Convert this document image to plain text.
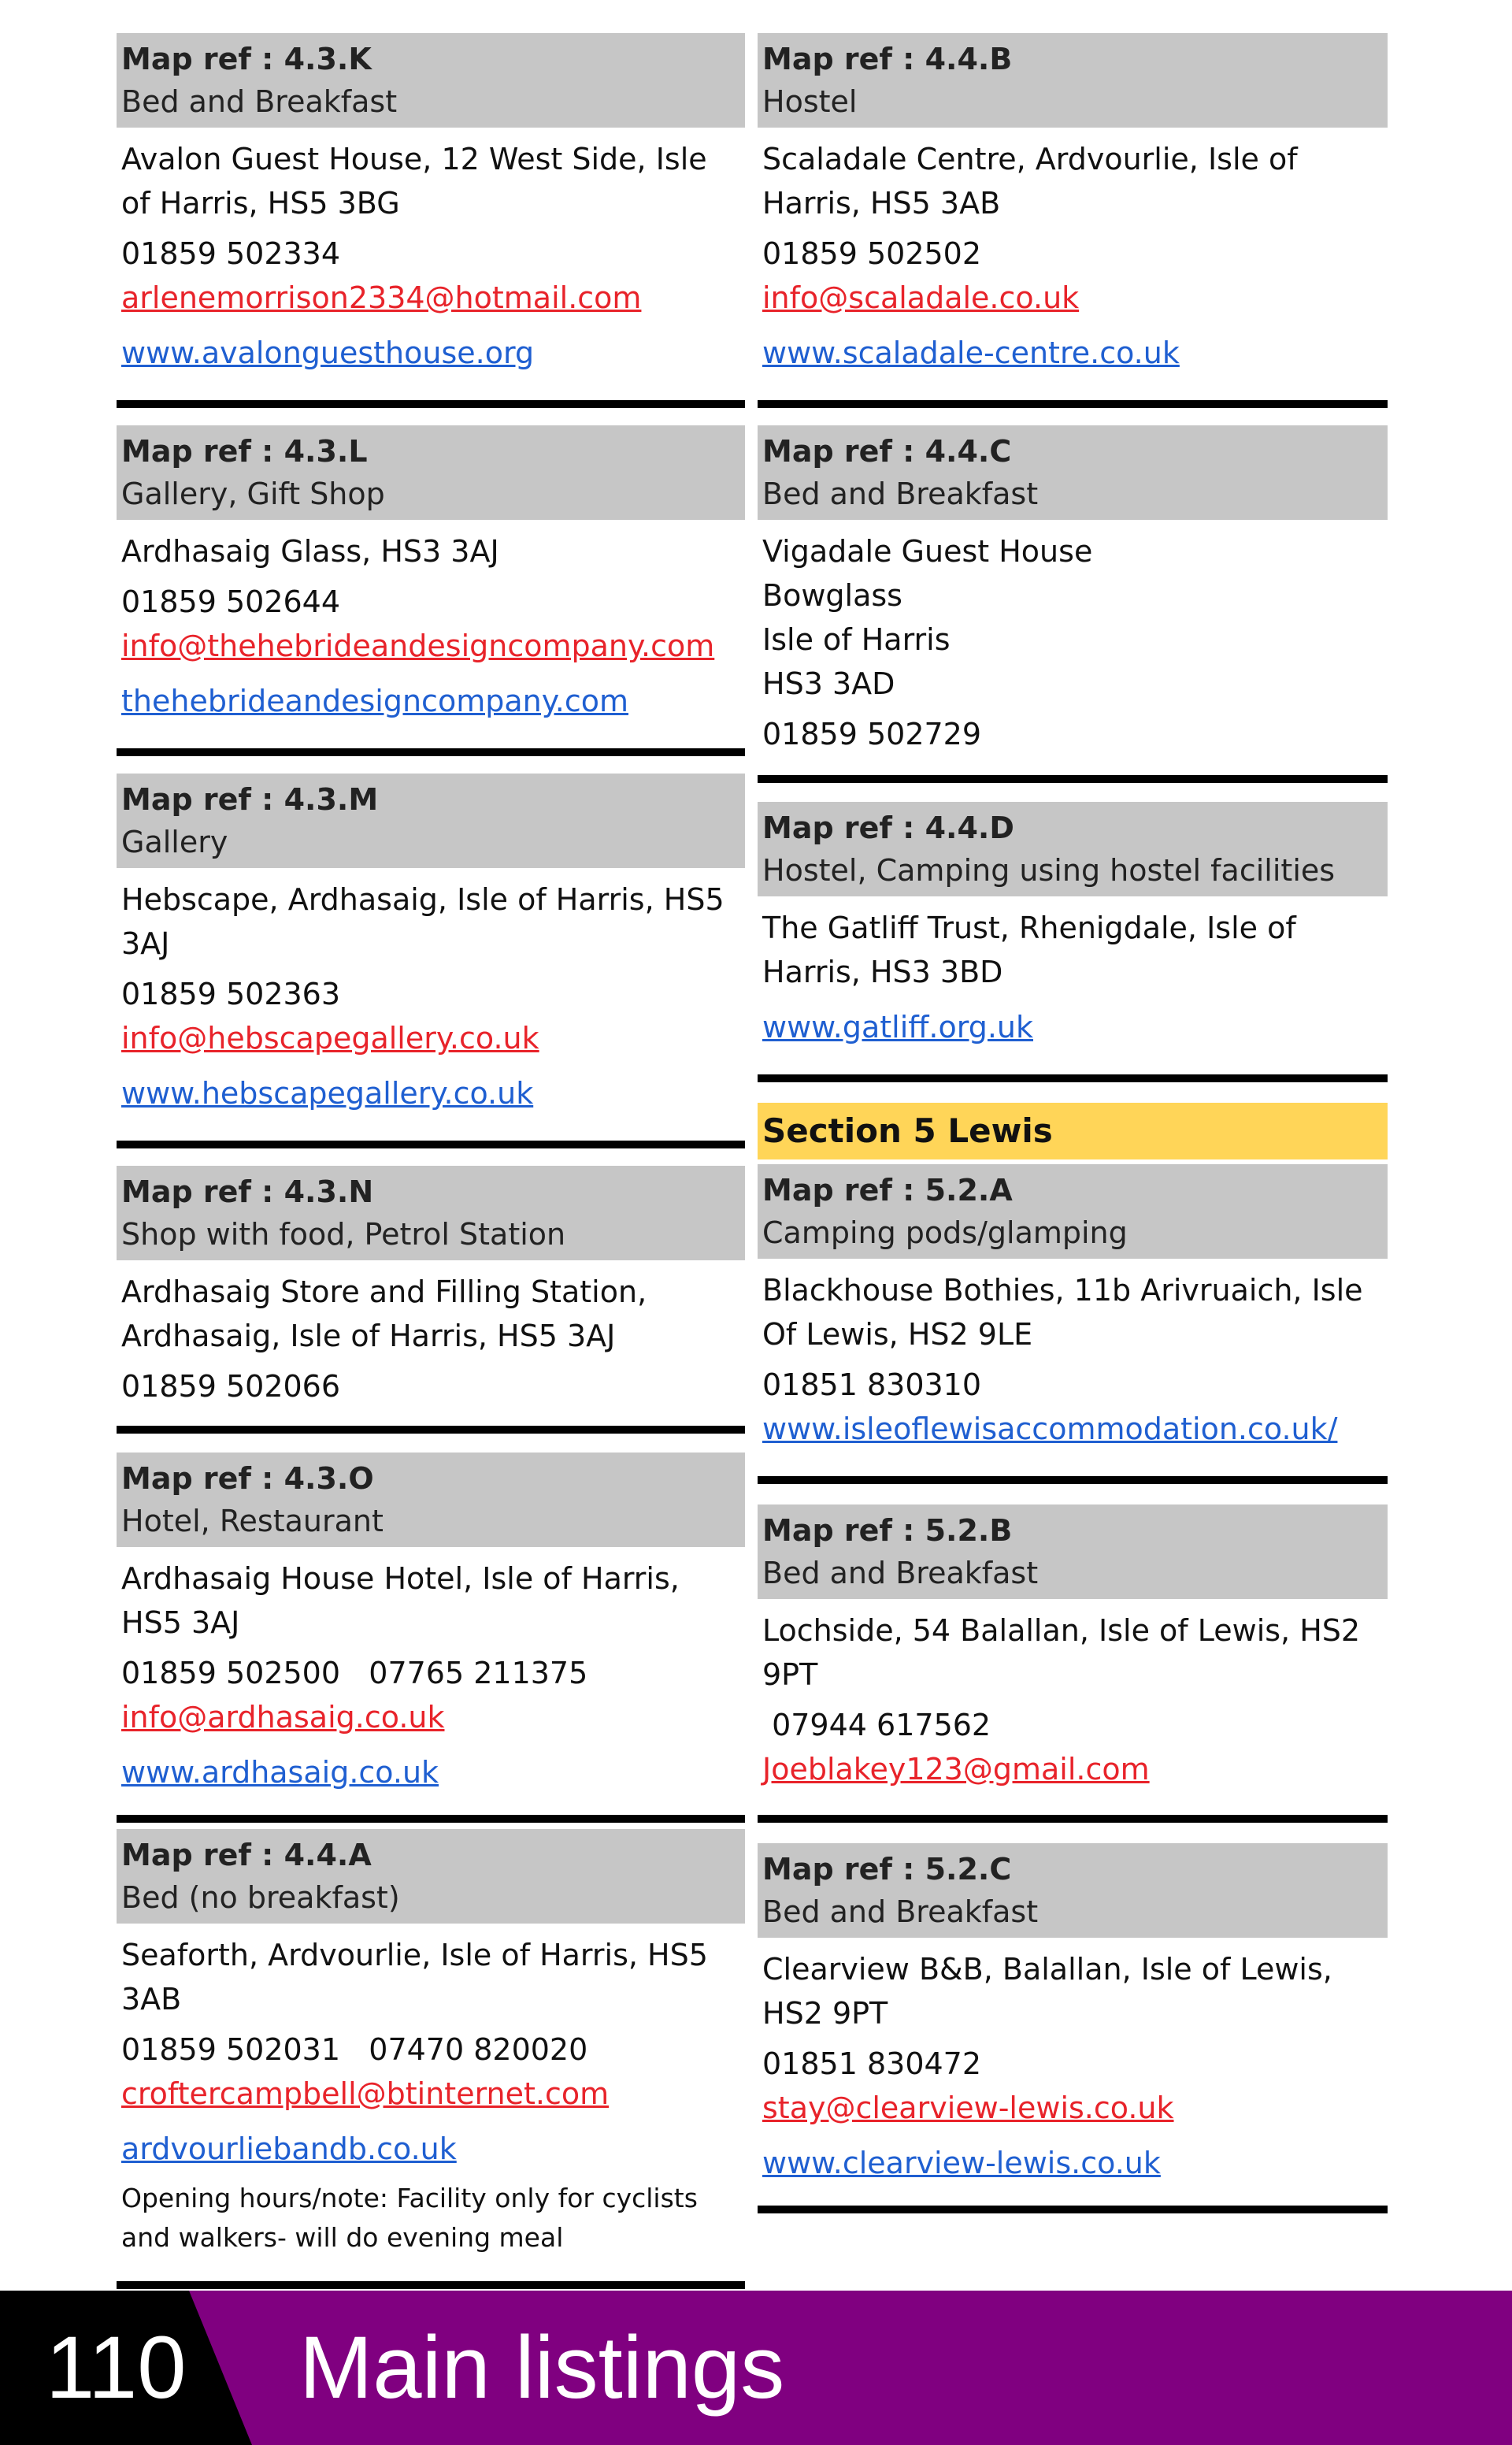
Map ref : 4.3.K
Bed and Breakfast
Avalon Guest House, 12 West Side, Isle
of Harris, HS5 3BG
01859 502334
arlenemorrison2334@hotmail.com
www.avalonguesthouse.org
Map ref : 4.3.L
Gallery, Gift Shop
Ardhasaig Glass, HS3 3AJ
01859 502644
info@thehebrideandesigncompany.com
thehebrideandesigncompany.com
Map ref : 4.3.M
Gallery
Hebscape, Ardhasaig, Isle of Harris, HS5
3AJ
01859 502363
info@hebscapegallery.co.uk
www.hebscapegallery.co.uk
Map ref : 4.3.N
Shop with food, Petrol Station
Ardhasaig Store and Filling Station,
Ardhasaig, Isle of Harris, HS5 3AJ
01859 502066
Map ref : 4.3.O
Hotel, Restaurant
Ardhasaig House Hotel, Isle of Harris,
HS5 3AJ
01859 502500   07765 211375
info@ardhasaig.co.uk
www.ardhasaig.co.uk
Map ref : 4.4.A
Bed (no breakfast)
Seaforth, Ardvourlie, Isle of Harris, HS5
3AB
01859 502031   07470 820020
croftercampbell@btinternet.com
ardvourliebandb.co.uk
Opening hours/note: Facility only for cyclists
and walkers- will do evening meal
Map ref : 4.4.B
Hostel
Scaladale Centre, Ardvourlie, Isle of
Harris, HS5 3AB
01859 502502
info@scaladale.co.uk
www.scaladale-centre.co.uk
Map ref : 4.4.C
Bed and Breakfast
Vigadale Guest House
Bowglass
Isle of Harris
HS3 3AD
01859 502729
Map ref : 4.4.D
Hostel, Camping using hostel facilities
The Gatliff Trust, Rhenigdale, Isle of
Harris, HS3 3BD
www.gatliff.org.uk
Map ref : 5.2.A
Camping pods/glamping
Blackhouse Bothies, 11b Arivruaich, Isle
Of Lewis, HS2 9LE
01851 830310
www.isleoflewisaccommodation.co.uk/
Map ref : 5.2.B
Bed and Breakfast
Lochside, 54 Balallan, Isle of Lewis, HS2
9PT
07944 617562
Joeblakey123@gmail.com
Map ref : 5.2.C
Bed and Breakfast
Clearview B&B, Balallan, Isle of Lewis,
HS2 9PT
01851 830472
stay@clearview-lewis.co.uk
www.clearview-lewis.co.uk
Section 5 Lewis
110 Main listings
